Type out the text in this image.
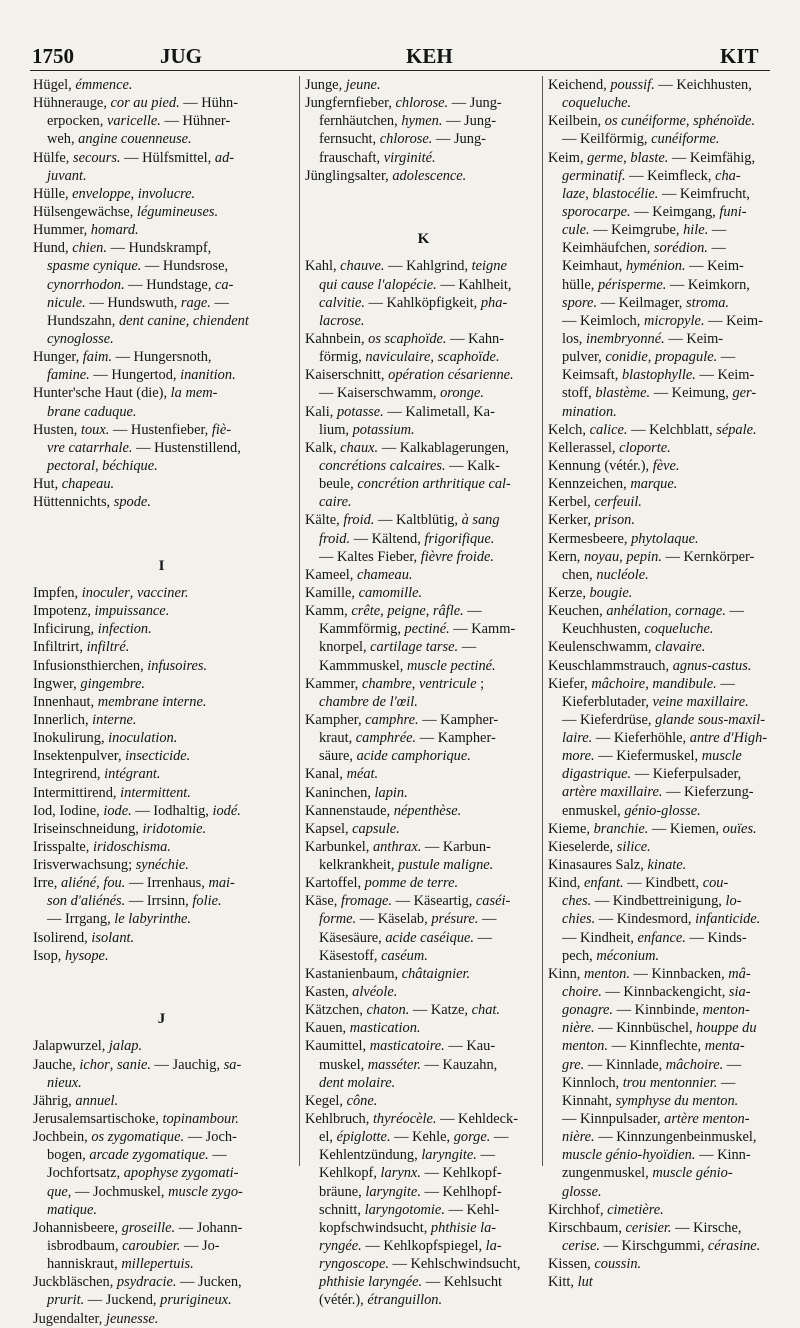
1750	JUG	KEH	KIT
Hügel, émmence.
Hühnerauge, cor au pied. — Hühn-
erpocken, varicelle. — Hühner-
weh, angine couenneuse.
Hülfe, secours. — Hülfsmittel, ad-
juvant.
Hülle, enveloppe, involucre.
Hülsengewächse, légumineuses.
Hummer, homard.
Hund, chien. — Hundskrampf,
spasme cynique. — Hundsrose,
cynorrhodon. — Hundstage, ca-
nicule. — Hundswuth, rage. —
Hundszahn, dent canine, chiendent
cynoglosse.
Hunger, faim. — Hungersnoth,
famine. — Hungertod, inanition.
Hunter'sche Haut (die), la mem-
brane caduque.
Husten, toux. — Hustenfieber, fiè-
vre catarrhale. — Hustenstillend,
pectoral, béchique.
Hut, chapeau.
Hüttennichts, spode.
I
Impfen, inoculer, vacciner.
Impotenz, impuissance.
Inficirung, infection.
Infiltrirt, infiltré.
Infusionsthierchen, infusoires.
Ingwer, gingembre.
Innenhaut, membrane interne.
Innerlich, interne.
Inokulirung, inoculation.
Insektenpulver, insecticide.
Integrirend, intégrant.
Intermittirend, intermittent.
Iod, Iodine, iode. — Iodhaltig, iodé.
Iriseinschneidung, iridotomie.
Irisspalte, iridoschisma.
Irisverwachsung; synéchie.
Irre, aliéné, fou. — Irrenhaus, mai-
son d'aliénés. — Irrsinn, folie.
— Irrgang, le labyrinthe.
Isolirend, isolant.
Isop, hysope.
J
Jalapwurzel, jalap.
Jauche, ichor, sanie. — Jauchig, sa-
nieux.
Jährig, annuel.
Jerusalemsartischoke, topinambour.
Jochbein, os zygomatique. — Joch-
bogen, arcade zygomatique. —
Jochfortsatz, apophyse zygomati-
que, — Jochmuskel, muscle zygo-
matique.
Johannisbeere, groseille. — Johann-
isbrodbaum, caroubier. — Jo-
hanniskraut, millepertuis.
Juckbläschen, psydracie. — Jucken,
prurit. — Juckend, prurigineux.
Jugendalter, jeunesse.
Junge, jeune.
Jungfernfieber, chlorose. — Jung-
fernhäutchen, hymen. — Jung-
fernsucht, chlorose. — Jung-
frauschaft, virginité.
Jünglingsalter, adolescence.
K
Kahl, chauve. — Kahlgrind, teigne
qui cause l'alopécie. — Kahlheit,
calvitie. — Kahlköpfigkeit, pha-
lacrose.
Kahnbein, os scaphoïde. — Kahn-
förmig, naviculaire, scaphoïde.
Kaiserschnitt, opération césarienne.
— Kaiserschwamm, oronge.
Kali, potasse. — Kalimetall, Ka-
lium, potassium.
Kalk, chaux. — Kalkablagerungen,
concrétions calcaires. — Kalk-
beule, concrétion arthritique cal-
caire.
Kälte, froid. — Kaltblütig, à sang
froid. — Kältend, frigorifique.
— Kaltes Fieber, fièvre froide.
Kameel, chameau.
Kamille, camomille.
Kamm, crête, peigne, râfle. —
Kammförmig, pectiné. — Kamm-
knorpel, cartilage tarse. —
Kammmuskel, muscle pectiné.
Kammer, chambre, ventricule ;
chambre de l'œil.
Kampher, camphre. — Kampher-
kraut, camphrée. — Kampher-
säure, acide camphorique.
Kanal, méat.
Kaninchen, lapin.
Kannenstaude, népenthèse.
Kapsel, capsule.
Karbunkel, anthrax. — Karbun-
kelkrankheit, pustule maligne.
Kartoffel, pomme de terre.
Käse, fromage. — Käseartig, caséi-
forme. — Käselab, présure. —
Käsesäure, acide caséique. —
Käsestoff, caséum.
Kastanienbaum, châtaignier.
Kasten, alvéole.
Kätzchen, chaton. — Katze, chat.
Kauen, mastication.
Kaumittel, masticatoire. — Kau-
muskel, masséter. — Kauzahn,
dent molaire.
Kegel, cône.
Kehlbruch, thyréocèle. — Kehldeck-
el, épiglotte. — Kehle, gorge. —
Kehlentzündung, laryngite. —
Kehlkopf, larynx. — Kehlkopf-
bräune, laryngite. — Kehlhopf-
schnitt, laryngotomie. — Kehl-
kopfschwindsucht, phthisie la-
ryngée. — Kehlkopfspiegel, la-
ryngoscope. — Kehlschwindsucht,
phthisie laryngée. — Kehlsucht
(vétér.), étranguillon.
Keichend, poussif. — Keichhusten,
coqueluche.
Keilbein, os cunéiforme, sphénoïde.
— Keilförmig, cunéiforme.
Keim, germe, blaste. — Keimfähig,
germinatif. — Keimfleck, cha-
laze, blastocélie. — Keimfrucht,
sporocarpe. — Keimgang, funi-
cule. — Keimgrube, hile. —
Keimhäufchen, sorédion. —
Keimhaut, hyménion. — Keim-
hülle, périsperme. — Keimkorn,
spore. — Keilmager, stroma.
— Keimloch, micropyle. — Keim-
los, inembryonné. — Keim-
pulver, conidie, propagule. —
Keimsaft, blastophylle. — Keim-
stoff, blastème. — Keimung, ger-
mination.
Kelch, calice. — Kelchblatt, sépale.
Kellerassel, cloporte.
Kennung (vétér.), fève.
Kennzeichen, marque.
Kerbel, cerfeuil.
Kerker, prison.
Kermesbeere, phytolaque.
Kern, noyau, pepin. — Kernkörper-
chen, nucléole.
Kerze, bougie.
Keuchen, anhélation, cornage. —
Keuchhusten, coqueluche.
Keulenschwamm, clavaire.
Keuschlammstrauch, agnus-castus.
Kiefer, mâchoire, mandibule. —
Kieferblutader, veine maxillaire.
— Kieferdrüse, glande sous-maxil-
laire. — Kieferhöhle, antre d'High-
more. — Kiefermuskel, muscle
digastrique. — Kieferpulsader,
artère maxillaire. — Kieferzung-
enmuskel, génio-glosse.
Kieme, branchie. — Kiemen, ouïes.
Kieselerde, silice.
Kinasaures Salz, kinate.
Kind, enfant. — Kindbett, cou-
ches. — Kindbettreinigung, lo-
chies. — Kindesmord, infanticide.
— Kindheit, enfance. — Kinds-
pech, méconium.
Kinn, menton. — Kinnbacken, mâ-
choire. — Kinnbackengicht, sia-
gonagre. — Kinnbinde, menton-
nière. — Kinnbüschel, houppe du
menton. — Kinnflechte, menta-
gre. — Kinnlade, mâchoire. —
Kinnloch, trou mentonnier. —
Kinnaht, symphyse du menton.
— Kinnpulsader, artère menton-
nière. — Kinnzungenbeinmuskel,
muscle génio-hyoïdien. — Kinn-
zungenmuskel, muscle génio-
glosse.
Kirchhof, cimetière.
Kirschbaum, cerisier. — Kirsche,
cerise. — Kirschgummi, cérasine.
Kissen, coussin.
Kitt, lut
